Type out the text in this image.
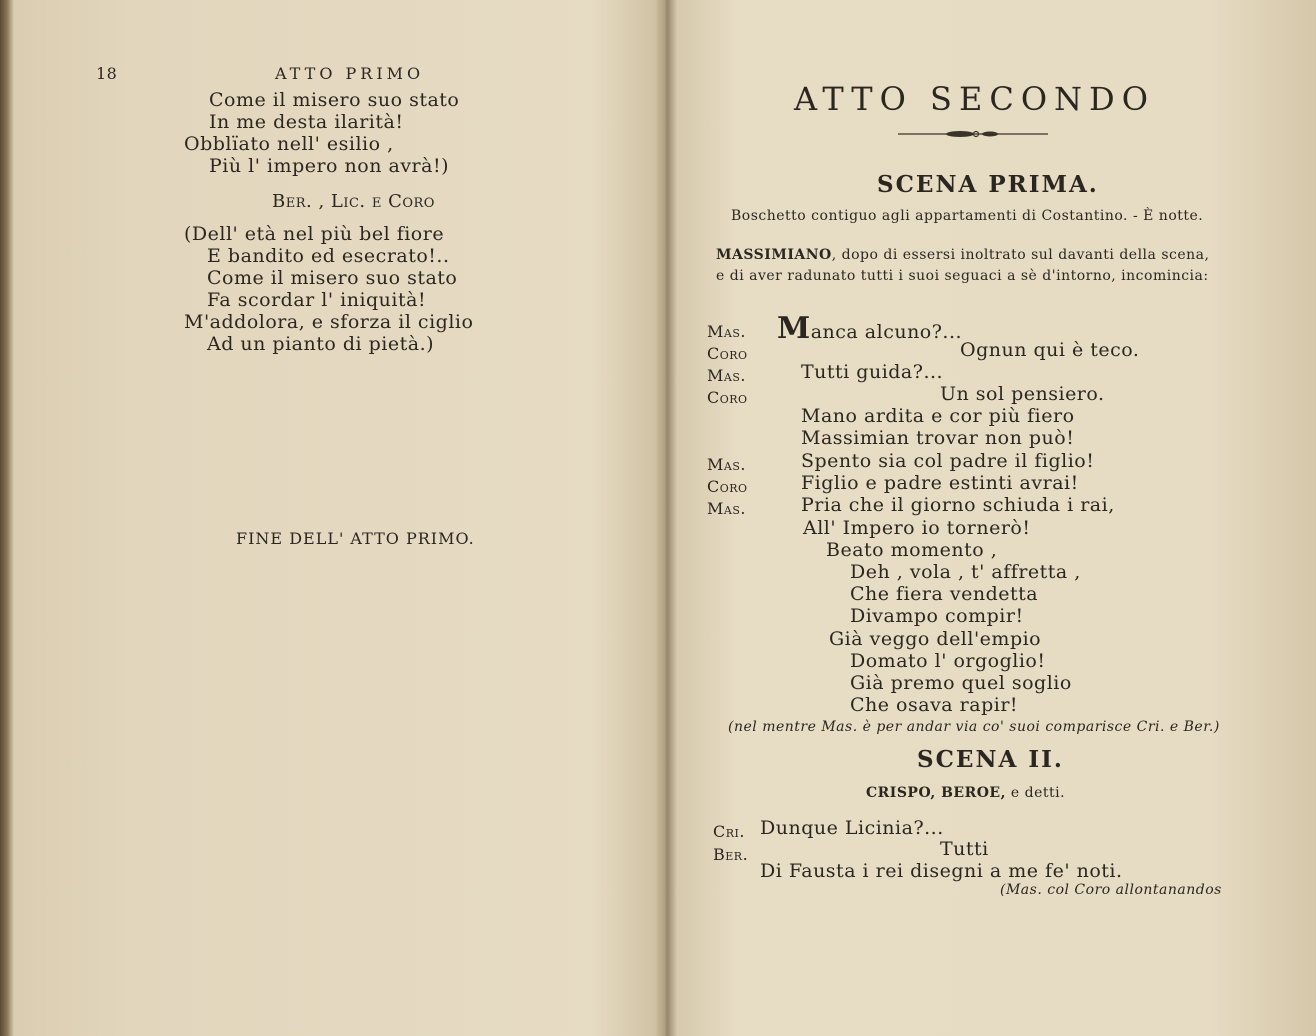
18	ATTO PRIMO
Come il misero suo stato
In me desta ilarità!
Obblïato nell' esilio ,
Più l' impero non avrà!)
Ber. , Lic. e Coro
(Dell' età nel più bel fiore
E bandito ed esecrato!..
Come il misero suo stato
Fa scordar l' iniquità!
M'addolora, e sforza il ciglio
Ad un pianto di pietà.)
FINE DELL' ATTO PRIMO.
ATTO SECONDO
SCENA PRIMA.
Boschetto contiguo agli appartamenti di Costantino. - È notte.
MASSIMIANO, dopo di essersi inoltrato sul davanti della scena,
e di aver radunato tutti i suoi seguaci a sè d'intorno, incomincia:
Mas. Manca alcuno?...
Coro	Ognun qui è teco.
Mas.	Tutti guida?...
Coro	Un sol pensiero.
Mano ardita e cor più fiero
Massimian trovar non può!
Mas.	Spento sia col padre il figlio!
Coro	Figlio e padre estinti avrai!
Mas.	Pria che il giorno schiuda i rai,
All' Impero io tornerò!
Beato momento ,
Deh , vola , t' affretta ,
Che fiera vendetta
Divampo compir!
Già veggo dell'empio
Domato l' orgoglio!
Già premo quel soglio
Che osava rapir!
(nel mentre Mas. è per andar via co' suoi comparisce Cri. e Ber.)
SCENA II.
CRISPO, BEROE, e detti.
Cri. Dunque Licinia?...
Ber.	Tutti
Di Fausta i rei disegni a me fe' noti.
(Mas. col Coro allontanandos
